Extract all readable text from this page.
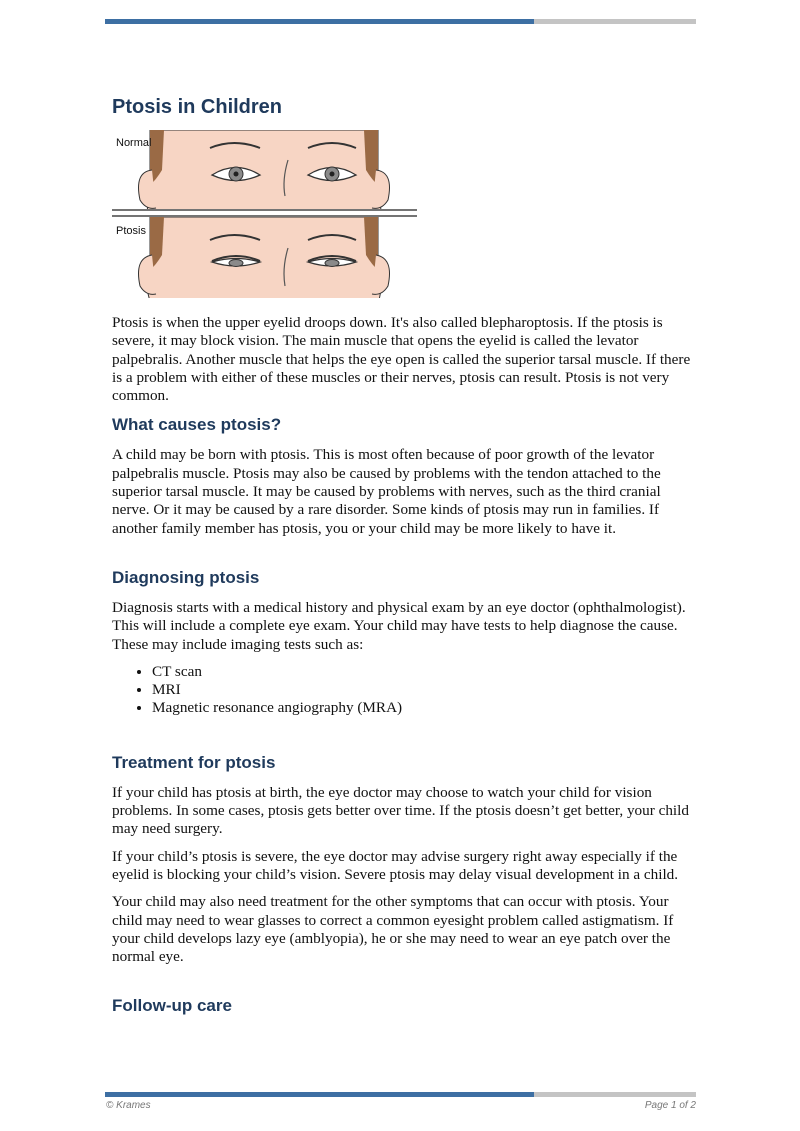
Ptosis in Children
Normal
Ptosis

Ptosis is when the upper eyelid droops down. It's also called blepharoptosis. If the ptosis is severe, it may block vision. The main muscle that opens the eyelid is called the levator palpebralis. Another muscle that helps the eye open is called the superior tarsal muscle. If there is a problem with either of these muscles or their nerves, ptosis can result. Ptosis is not very common.

What causes ptosis?

A child may be born with ptosis. This is most often because of poor growth of the levator palpebralis muscle. Ptosis may also be caused by problems with the tendon attached to the superior tarsal muscle. It may be caused by problems with nerves, such as the third cranial nerve. Or it may be caused by a rare disorder. Some kinds of ptosis may run in families. If another family member has ptosis, you or your child may be more likely to have it.

Diagnosing ptosis

Diagnosis starts with a medical history and physical exam by an eye doctor (ophthalmologist). This will include a complete eye exam. Your child may have tests to help diagnose the cause. These may include imaging tests such as:

• CT scan
• MRI
• Magnetic resonance angiography (MRA)
Treatment for ptosis

If your child has ptosis at birth, the eye doctor may choose to watch your child for vision problems. In some cases, ptosis gets better over time. If the ptosis doesn’t get better, your child may need surgery.

If your child’s ptosis is severe, the eye doctor may advise surgery right away especially if the eyelid is blocking your child’s vision. Severe ptosis may delay visual development in a child.

Your child may also need treatment for the other symptoms that can occur with ptosis. Your child may need to wear glasses to correct a common eyesight problem called astigmatism. If your child develops lazy eye (amblyopia), he or she may need to wear an eye patch over the normal eye.

Follow-up care
© Krames	Page 1 of 2
